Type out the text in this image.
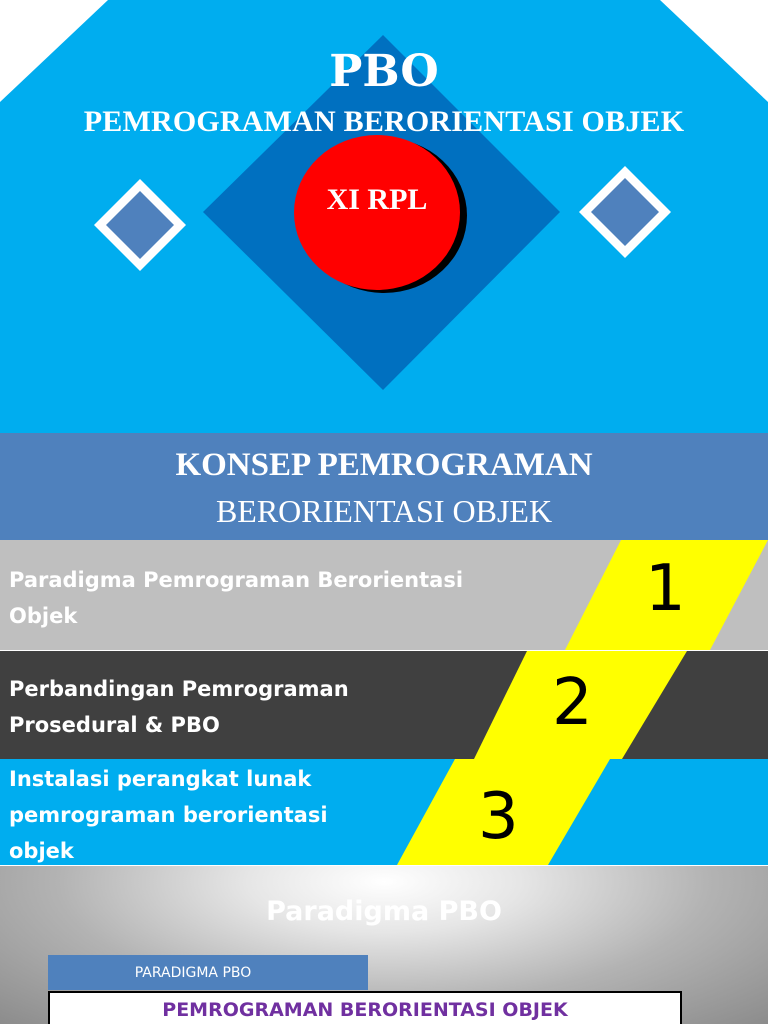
XI RPL
PBO
PEMROGRAMAN BERORIENTASI OBJEK
KONSEP PEMROGRAMAN
BERORIENTASI OBJEK
Paradigma Pemrograman Berorientasi Objek	1
Perbandingan Pemrograman Prosedural & PBO	2
Instalasi perangkat lunak pemrograman berorientasi objek	3
Paradigma PBO
PARADIGMA PBO
PEMROGRAMAN BERORIENTASI OBJEK
